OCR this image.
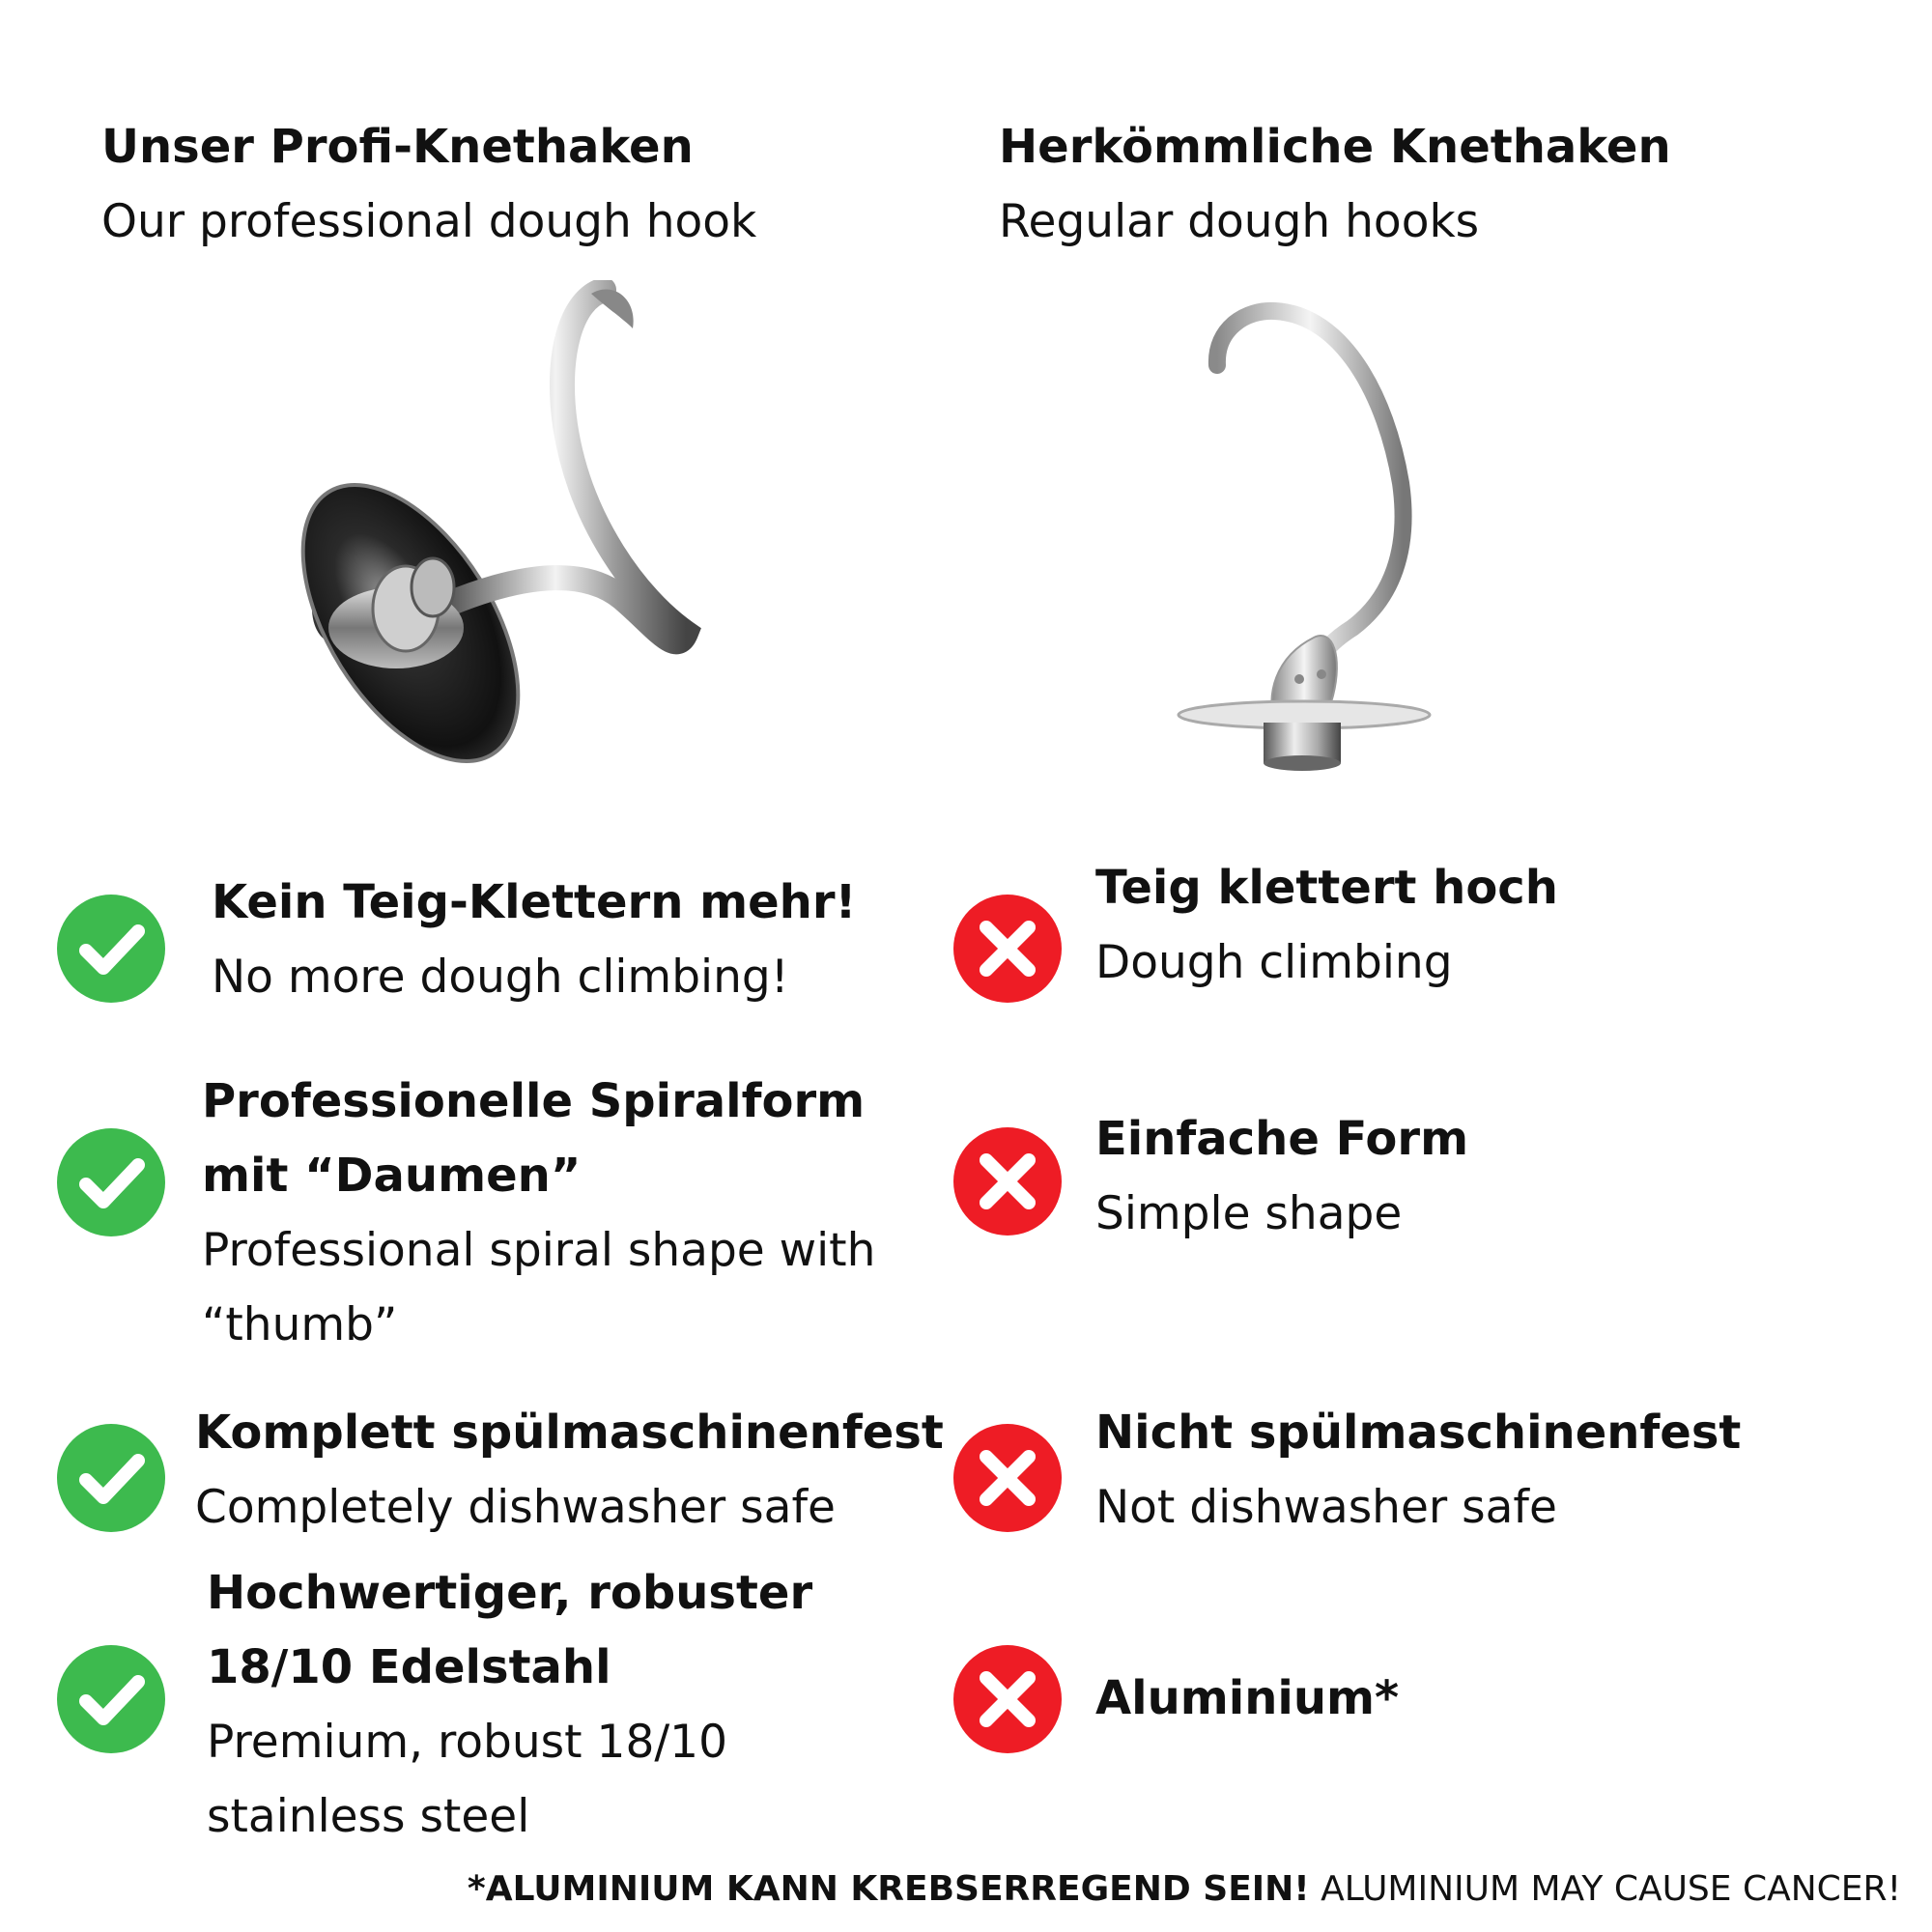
Unser Profi-Knethaken
Our professional dough hook
Herkömmliche Knethaken
Regular dough hooks
Kein Teig-Klettern mehr!
No more dough climbing!
Professionelle Spiralform
mit “Daumen”
Professional spiral shape with
“thumb”
Komplett spülmaschinenfest
Completely dishwasher safe
Hochwertiger, robuster
18/10 Edelstahl
Premium, robust 18/10
stainless steel
Teig klettert hoch
Dough climbing
Einfache Form
Simple shape
Nicht spülmaschinenfest
Not dishwasher safe
Aluminium*
*ALUMINIUM KANN KREBSERREGEND SEIN! ALUMINIUM MAY CAUSE CANCER!
